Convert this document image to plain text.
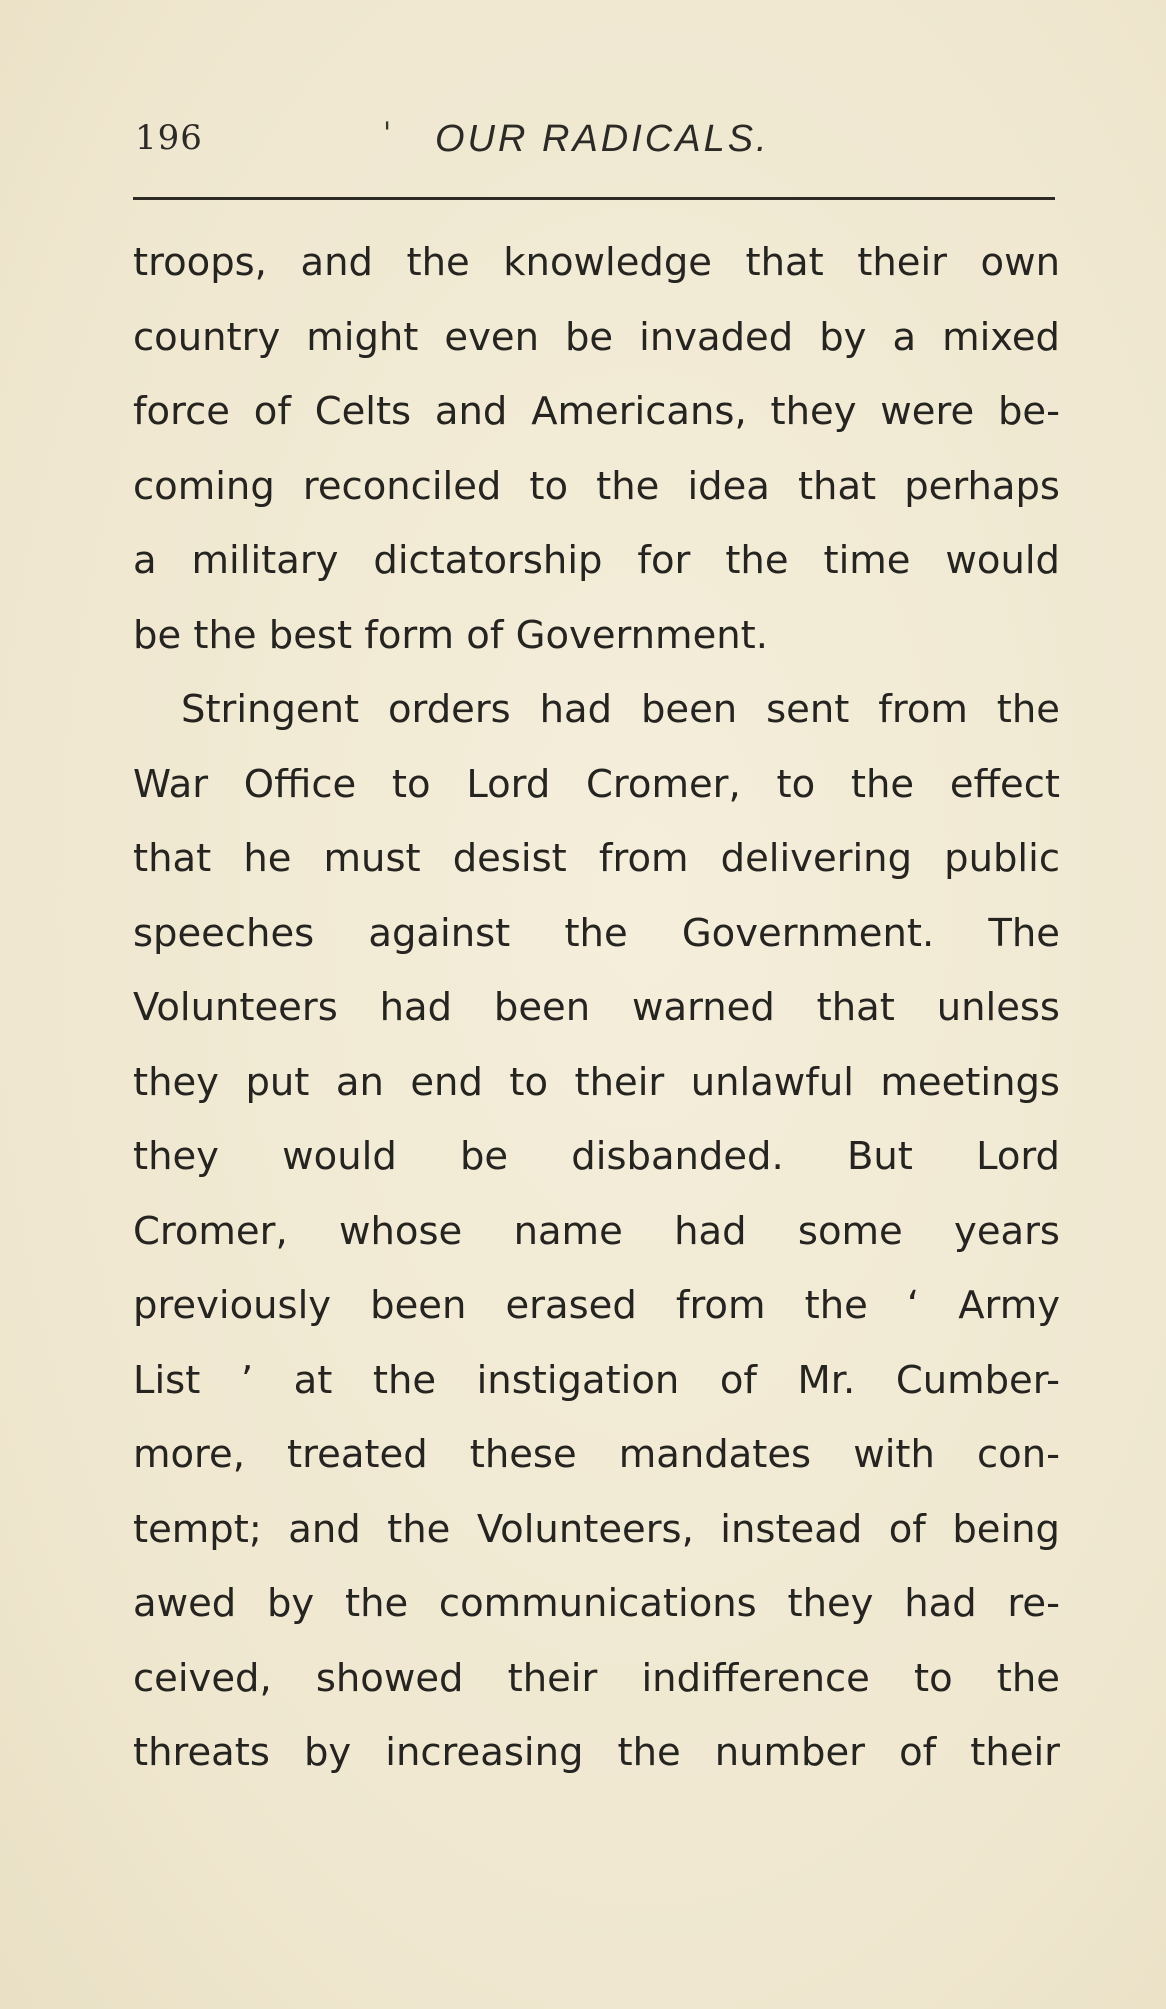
196	' OUR RADICALS.
troops, and the knowledge that their own
country might even be invaded by a mixed
force of Celts and Americans, they were be-
coming reconciled to the idea that perhaps
a military dictatorship for the time would
be the best form of Government.
Stringent orders had been sent from the
War Office to Lord Cromer, to the effect
that he must desist from delivering public
speeches against the Government. The
Volunteers had been warned that unless
they put an end to their unlawful meetings
they would be disbanded. But Lord
Cromer, whose name had some years
previously been erased from the ‘ Army
List ’ at the instigation of Mr. Cumber-
more, treated these mandates with con-
tempt; and the Volunteers, instead of being
awed by the communications they had re-
ceived, showed their indifference to the
threats by increasing the number of their
